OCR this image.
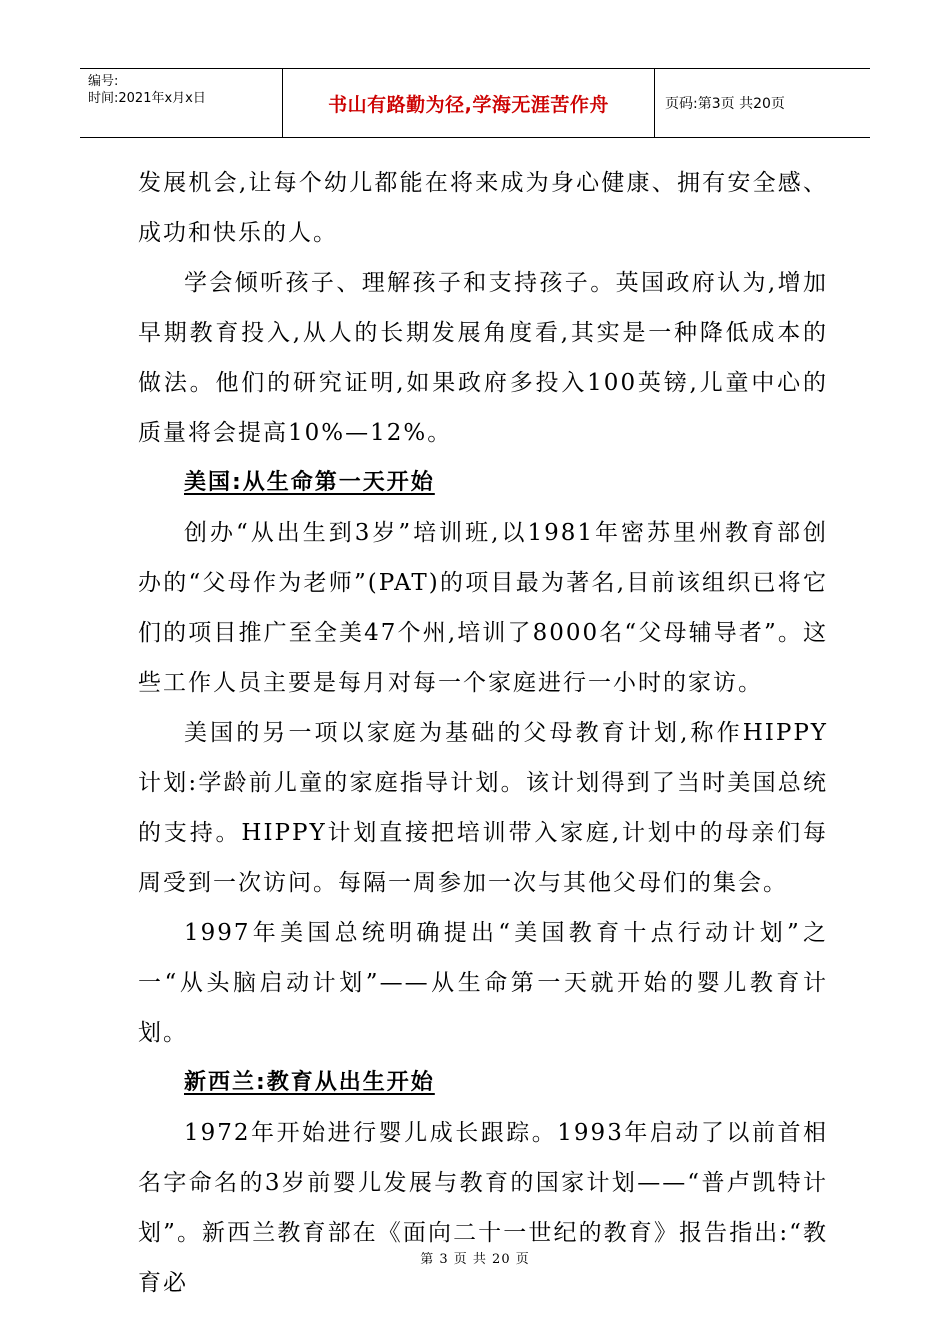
编号:
时间:2021年x月x日	书山有路勤为径,学海无涯苦作舟	页码:第3页 共20页

发展机会,让每个幼儿都能在将来成为身心健康、拥有安全感、成功和快乐的人。

学会倾听孩子、理解孩子和支持孩子。英国政府认为,增加早期教育投入,从人的长期发展角度看,其实是一种降低成本的做法。他们的研究证明,如果政府多投入100英镑,儿童中心的质量将会提高10%—12%。

美国:从生命第一天开始

创办“从出生到3岁”培训班,以1981年密苏里州教育部创办的“父母作为老师”(PAT)的项目最为著名,目前该组织已将它们的项目推广至全美47个州,培训了8000名“父母辅导者”。这些工作人员主要是每月对每一个家庭进行一小时的家访。

美国的另一项以家庭为基础的父母教育计划,称作HIPPY计划:学龄前儿童的家庭指导计划。该计划得到了当时美国总统的支持。HIPPY计划直接把培训带入家庭,计划中的母亲们每周受到一次访问。每隔一周参加一次与其他父母们的集会。

1997年美国总统明确提出“美国教育十点行动计划”之一“从头脑启动计划”——从生命第一天就开始的婴儿教育计划。

新西兰:教育从出生开始

1972年开始进行婴儿成长跟踪。1993年启动了以前首相名字命名的3岁前婴儿发展与教育的国家计划——“普卢凯特计划”。新西兰教育部在《面向二十一世纪的教育》报告指出:“教育必

第 3 页 共 20 页
